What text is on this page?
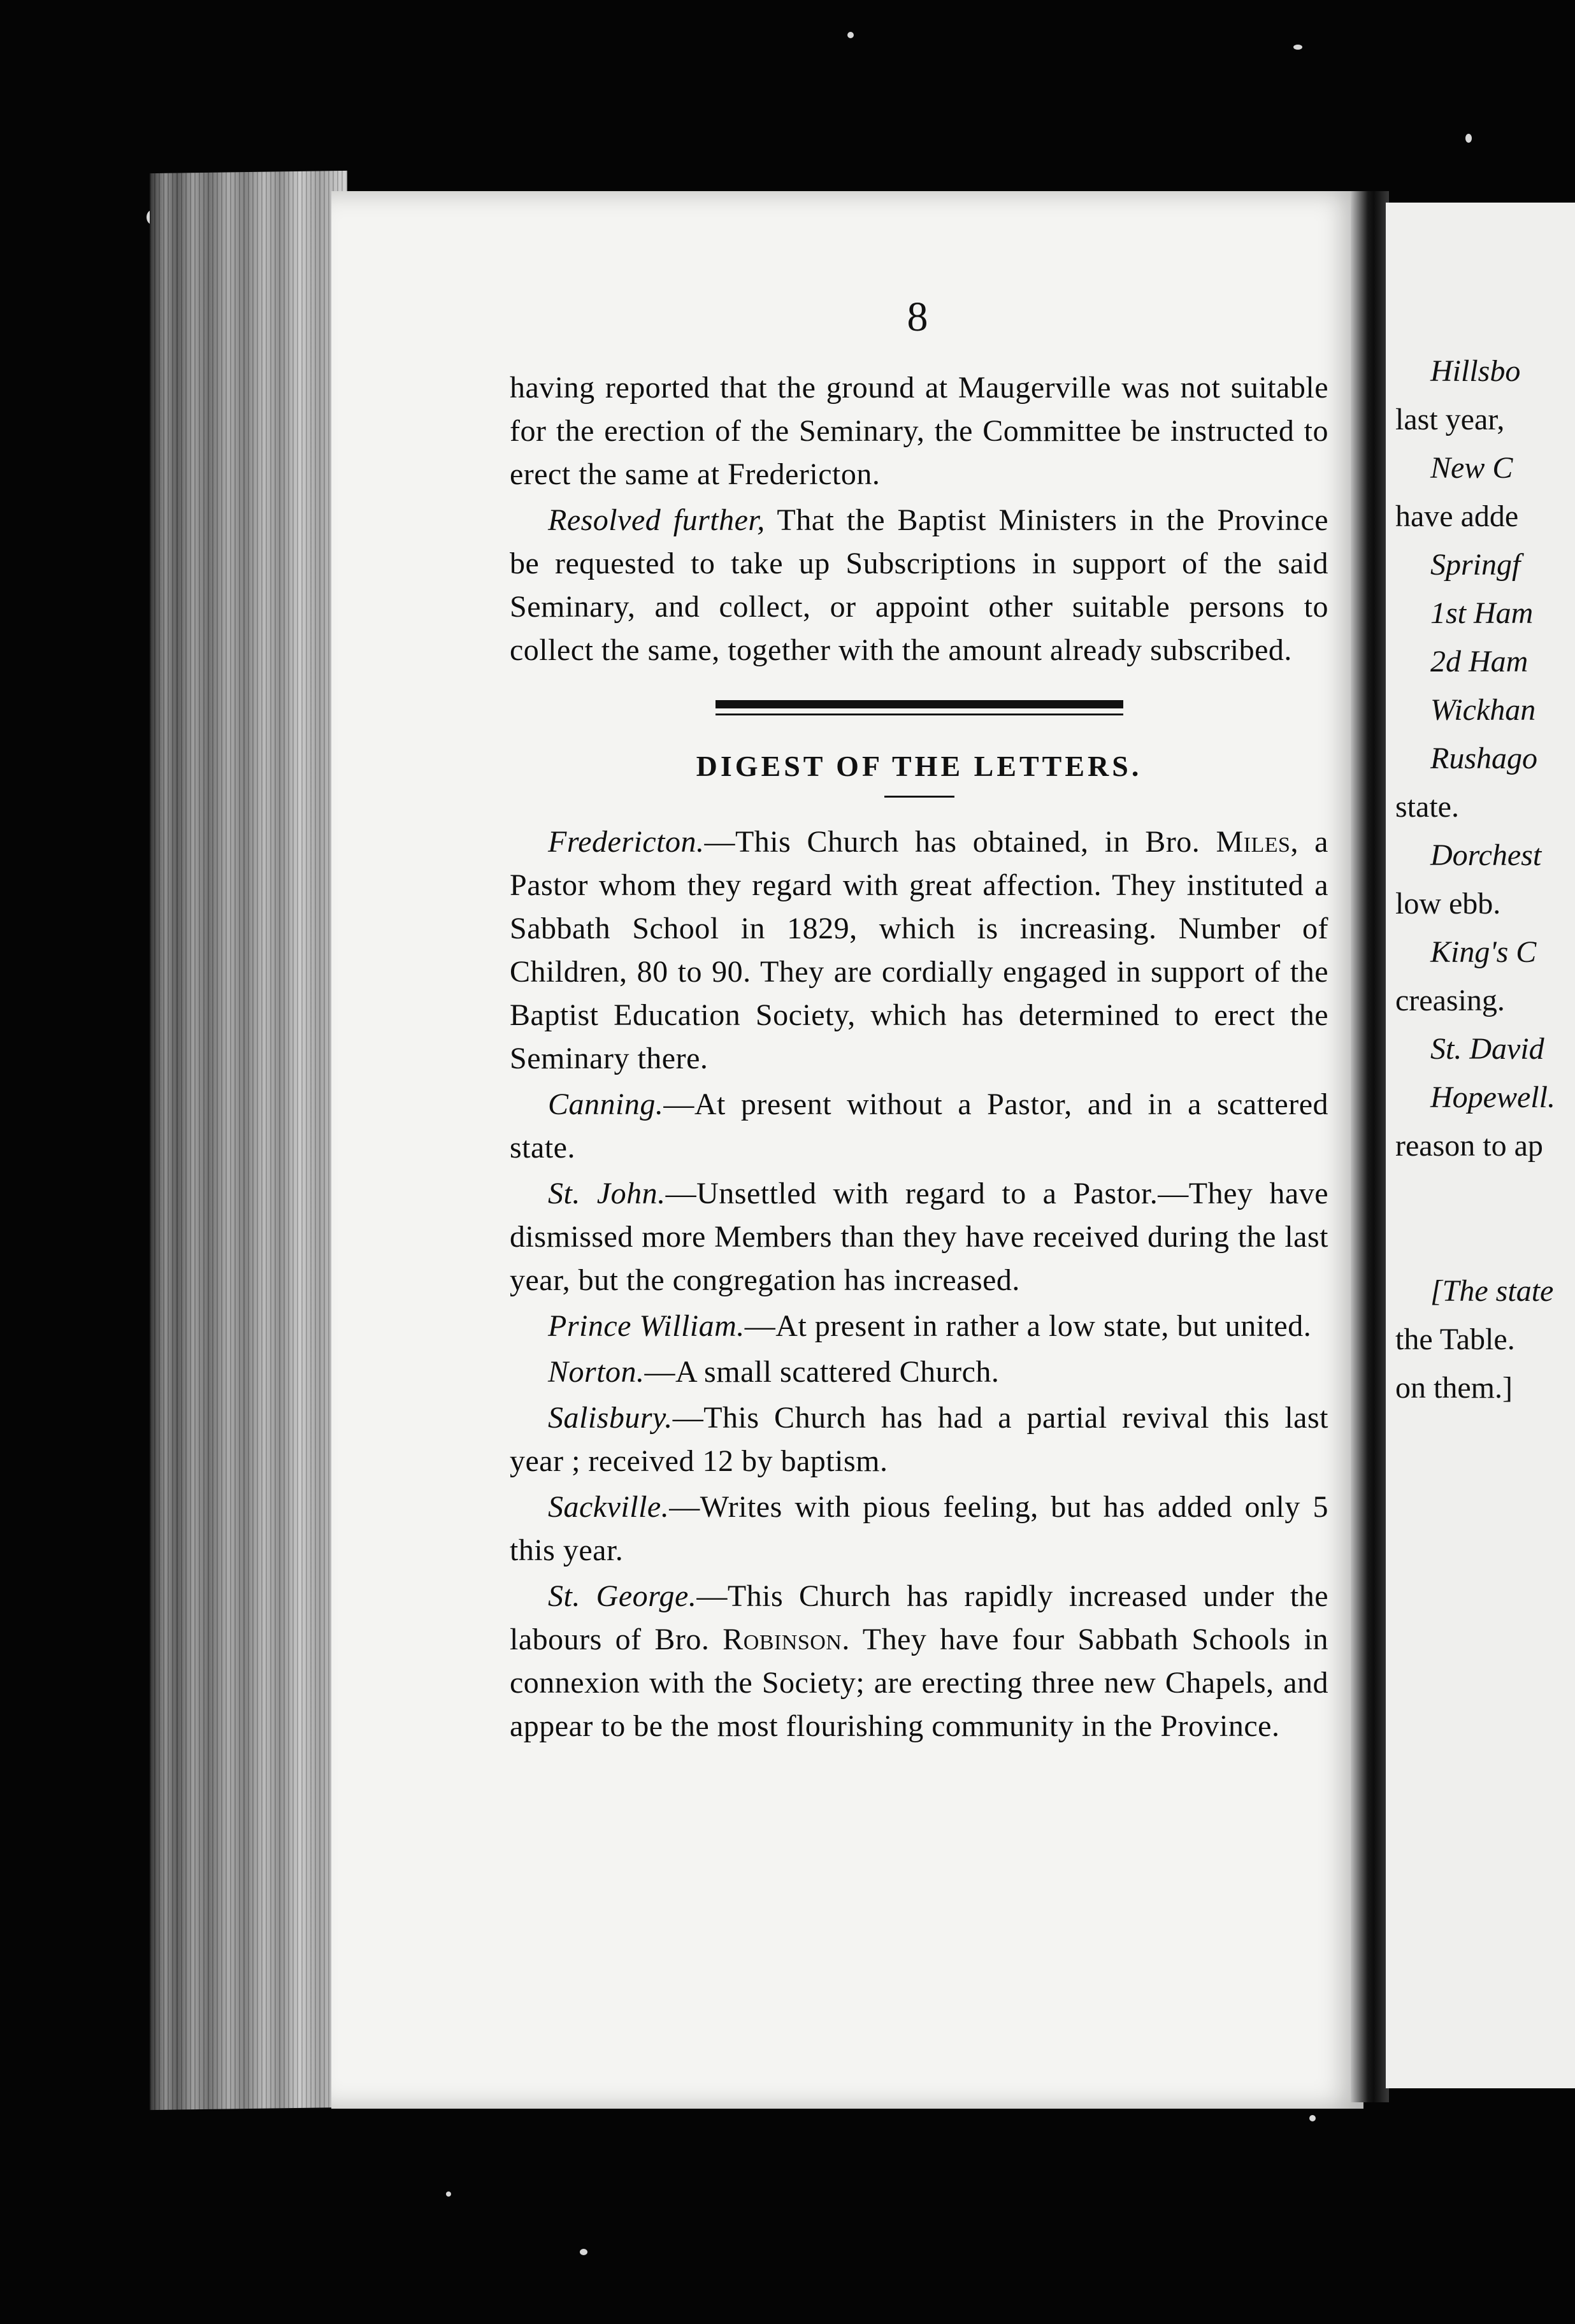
8

having reported that the ground at Maugerville was not suitable for the erection of the Seminary, the Committee be instructed to erect the same at Fredericton.

Resolved further, That the Baptist Ministers in the Province be requested to take up Subscriptions in support of the said Seminary, and collect, or appoint other suitable persons to collect the same, together with the amount already subscribed.

DIGEST OF THE LETTERS.

Fredericton.—This Church has obtained, in Bro. Miles, a Pastor whom they regard with great affection. They instituted a Sabbath School in 1829, which is increasing. Number of Children, 80 to 90. They are cordially engaged in support of the Baptist Education Society, which has determined to erect the Seminary there.

Canning.—At present without a Pastor, and in a scattered state.

St. John.—Unsettled with regard to a Pastor.—They have dismissed more Members than they have received during the last year, but the congregation has increased.

Prince William.—At present in rather a low state, but united.

Norton.—A small scattered Church.

Salisbury.—This Church has had a partial revival this last year ; received 12 by baptism.

Sackville.—Writes with pious feeling, but has added only 5 this year.

St. George.—This Church has rapidly increased under the labours of Bro. Robinson. They have four Sabbath Schools in connexion with the Society; are erecting three new Chapels, and appear to be the most flourishing community in the Province.

Hillsbo

last year,

New C

have adde

Springf

1st Ham

2d Ham

Wickhan

Rushago

state.

Dorchest

low ebb.

King's C

creasing.

St. David

Hopewell.

reason to ap

[The state

the Table.

on them.]
